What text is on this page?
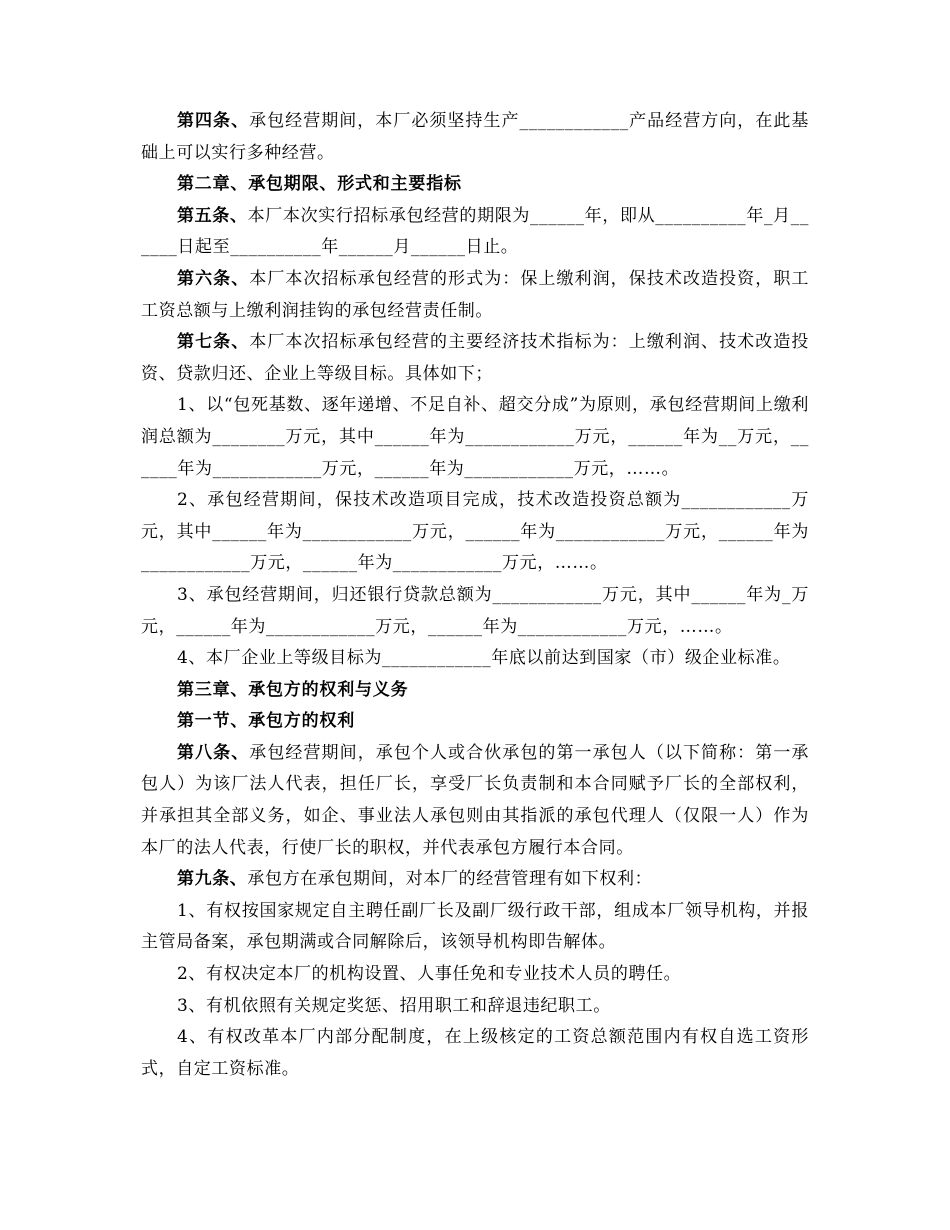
第四条、承包经营期间，本厂必须坚持生产____________产品经营方向，在此基础上可以实行多种经营。

第二章、承包期限、形式和主要指标

第五条、本厂本次实行招标承包经营的期限为______年，即从__________年_月______日起至__________年______月______日止。

第六条、本厂本次招标承包经营的形式为：保上缴利润，保技术改造投资，职工工资总额与上缴利润挂钩的承包经营责任制。

第七条、本厂本次招标承包经营的主要经济技术指标为：上缴利润、技术改造投资、贷款归还、企业上等级目标。具体如下；

1、以“包死基数、逐年递增、不足自补、超交分成”为原则，承包经营期间上缴利润总额为________万元，其中______年为____________万元，______年为__万元，______年为____________万元，______年为____________万元，……。

2、承包经营期间，保技术改造项目完成，技术改造投资总额为____________万元，其中______年为____________万元，______年为____________万元，______年为____________万元，______年为____________万元，……。

3、承包经营期间，归还银行贷款总额为____________万元，其中______年为_万元，______年为____________万元，______年为____________万元，……。

4、本厂企业上等级目标为____________年底以前达到国家（市）级企业标准。

第三章、承包方的权利与义务

第一节、承包方的权利

第八条、承包经营期间，承包个人或合伙承包的第一承包人（以下简称：第一承包人）为该厂法人代表，担任厂长，享受厂长负责制和本合同赋予厂长的全部权利，并承担其全部义务，如企、事业法人承包则由其指派的承包代理人（仅限一人）作为本厂的法人代表，行使厂长的职权，并代表承包方履行本合同。

第九条、承包方在承包期间，对本厂的经营管理有如下权利：

1、有权按国家规定自主聘任副厂长及副厂级行政干部，组成本厂领导机构，并报主管局备案，承包期满或合同解除后，该领导机构即告解体。

2、有权决定本厂的机构设置、人事任免和专业技术人员的聘任。

3、有机依照有关规定奖惩、招用职工和辞退违纪职工。

4、有权改革本厂内部分配制度，在上级核定的工资总额范围内有权自选工资形式，自定工资标准。
